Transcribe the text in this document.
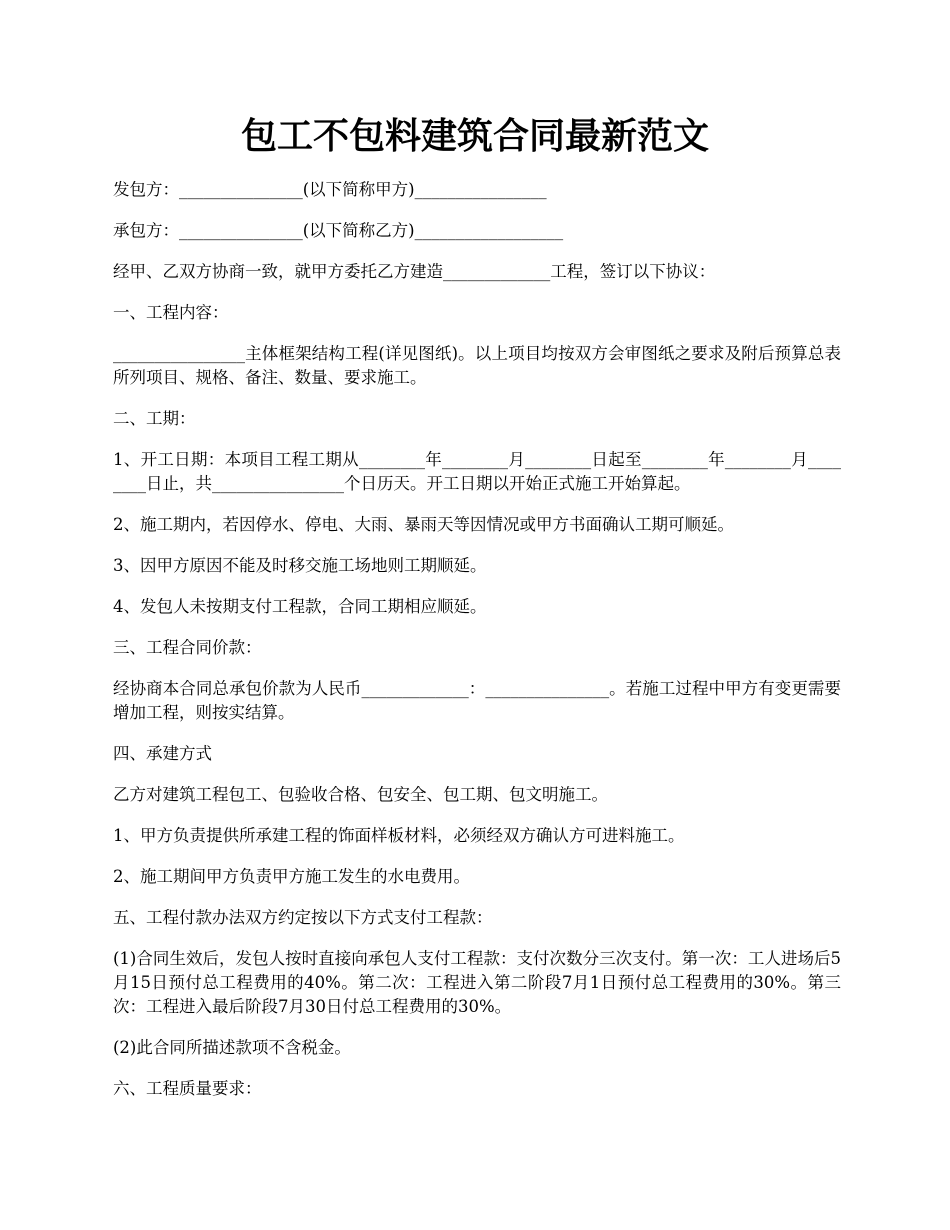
包工不包料建筑合同最新范文

发包方：_______________(以下简称甲方)________________

承包方：_______________(以下简称乙方)__________________

经甲、乙双方协商一致，就甲方委托乙方建造_____________工程，签订以下协议：

一、工程内容：

________________主体框架结构工程(详见图纸)。以上项目均按双方会审图纸之要求及附后预算总表所列项目、规格、备注、数量、要求施工。

二、工期：

1、开工日期：本项目工程工期从________年________月________日起至________年________月________日止，共________________个日历天。开工日期以开始正式施工开始算起。

2、施工期内，若因停水、停电、大雨、暴雨天等因情况或甲方书面确认工期可顺延。

3、因甲方原因不能及时移交施工场地则工期顺延。

4、发包人未按期支付工程款，合同工期相应顺延。

三、工程合同价款：

经协商本合同总承包价款为人民币_____________：_______________。若施工过程中甲方有变更需要增加工程，则按实结算。

四、承建方式

乙方对建筑工程包工、包验收合格、包安全、包工期、包文明施工。

1、甲方负责提供所承建工程的饰面样板材料，必须经双方确认方可进料施工。

2、施工期间甲方负责甲方施工发生的水电费用。

五、工程付款办法双方约定按以下方式支付工程款：

(1)合同生效后，发包人按时直接向承包人支付工程款：支付次数分三次支付。第一次：工人进场后5月15日预付总工程费用的40%。第二次：工程进入第二阶段7月1日预付总工程费用的30%。第三次：工程进入最后阶段7月30日付总工程费用的30%。

(2)此合同所描述款项不含税金。

六、工程质量要求：
